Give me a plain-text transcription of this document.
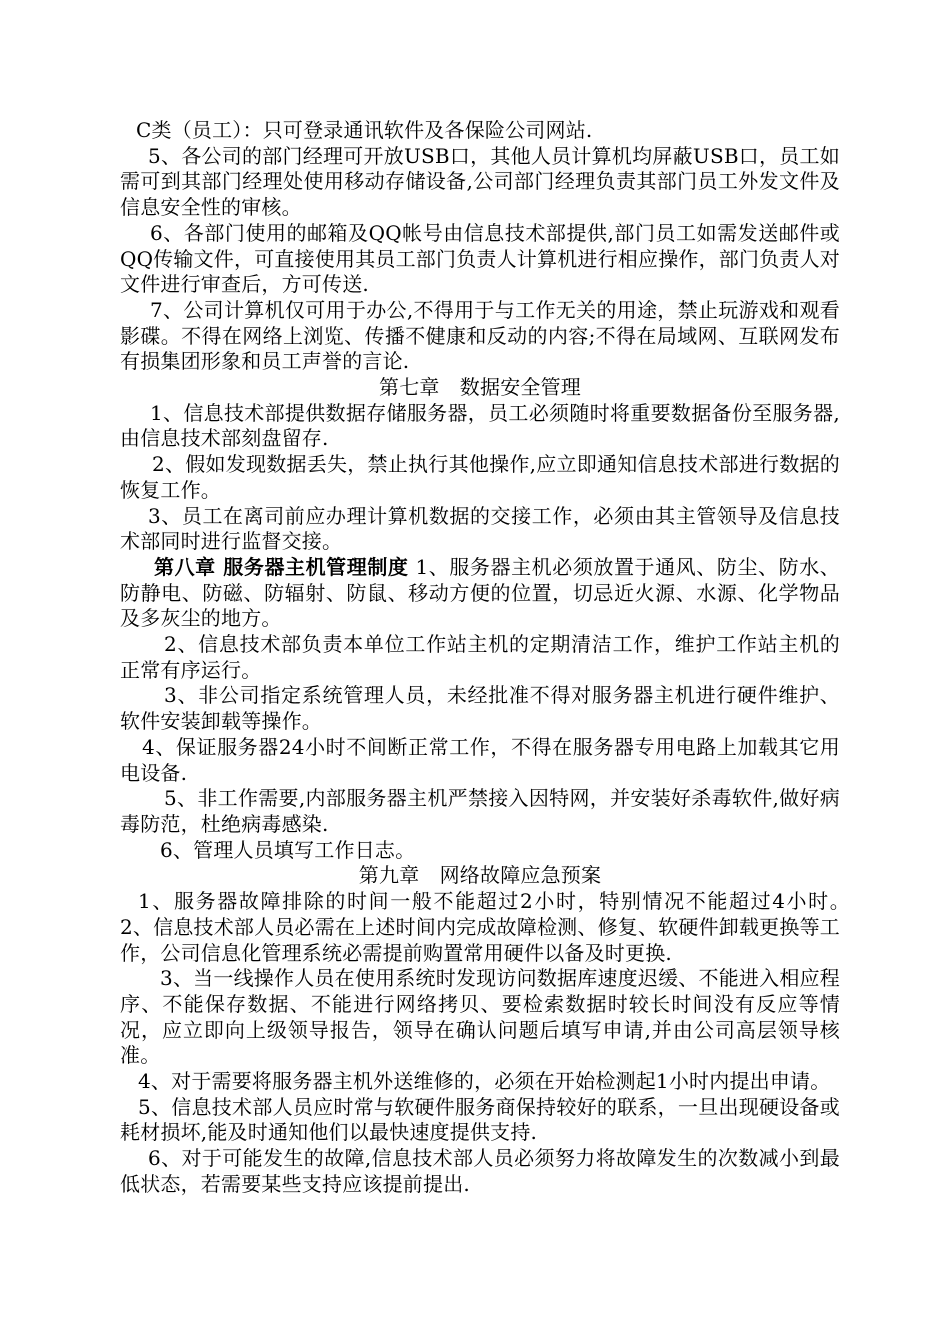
C类（员工）：只可登录通讯软件及各保险公司网站.

5、各公司的部门经理可开放USB口，其他人员计算机均屏蔽USB口，员工如需可到其部门经理处使用移动存储设备,公司部门经理负责其部门员工外发文件及信息安全性的审核。

6、各部门使用的邮箱及QQ帐号由信息技术部提供,部门员工如需发送邮件或QQ传输文件，可直接使用其员工部门负责人计算机进行相应操作，部门负责人对文件进行审查后，方可传送.

7、公司计算机仅可用于办公,不得用于与工作无关的用途，禁止玩游戏和观看影碟。不得在网络上浏览、传播不健康和反动的内容;不得在局域网、互联网发布有损集团形象和员工声誉的言论.

第七章　数据安全管理

1、信息技术部提供数据存储服务器，员工必须随时将重要数据备份至服务器,由信息技术部刻盘留存.

2、假如发现数据丢失，禁止执行其他操作,应立即通知信息技术部进行数据的恢复工作。

3、员工在离司前应办理计算机数据的交接工作，必须由其主管领导及信息技术部同时进行监督交接。

第八章 服务器主机管理制度 1、服务器主机必须放置于通风、防尘、防水、防静电、防磁、防辐射、防鼠、移动方便的位置，切忌近火源、水源、化学物品及多灰尘的地方。

2、信息技术部负责本单位工作站主机的定期清洁工作，维护工作站主机的正常有序运行。

3、非公司指定系统管理人员，未经批准不得对服务器主机进行硬件维护、软件安装卸载等操作。

4、保证服务器24小时不间断正常工作，不得在服务器专用电路上加载其它用电设备.

5、非工作需要,内部服务器主机严禁接入因特网，并安装好杀毒软件,做好病毒防范，杜绝病毒感染.

6、管理人员填写工作日志。

第九章　网络故障应急预案

1、服务器故障排除的时间一般不能超过2小时，特别情况不能超过4小时。　2、信息技术部人员必需在上述时间内完成故障检测、修复、软硬件卸载更换等工作，公司信息化管理系统必需提前购置常用硬件以备及时更换.

3、当一线操作人员在使用系统时发现访问数据库速度迟缓、不能进入相应程序、不能保存数据、不能进行网络拷贝、要检索数据时较长时间没有反应等情况，应立即向上级领导报告，领导在确认问题后填写申请,并由公司高层领导核准。

4、对于需要将服务器主机外送维修的，必须在开始检测起1小时内提出申请。

5、信息技术部人员应时常与软硬件服务商保持较好的联系，一旦出现硬设备或耗材损坏,能及时通知他们以最快速度提供支持.

6、对于可能发生的故障,信息技术部人员必须努力将故障发生的次数减小到最低状态，若需要某些支持应该提前提出.
